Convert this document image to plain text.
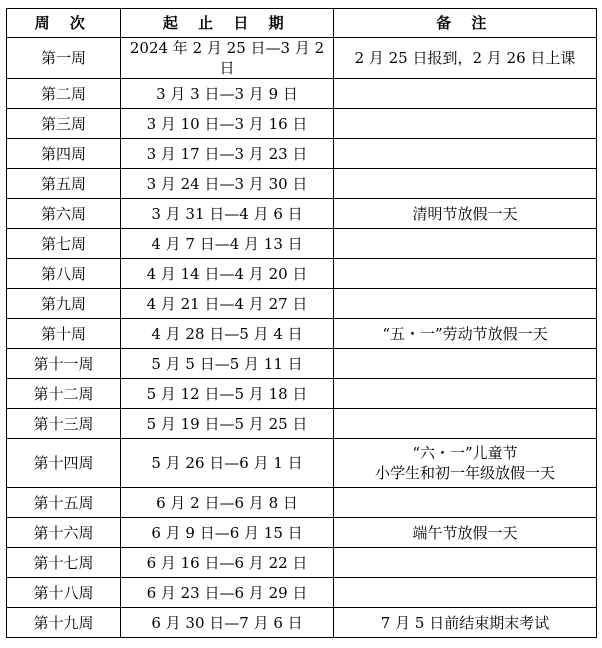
周 次	起 止 日 期	备 注
第一周	2024 年 2 月 25 日—3 月 2 日	2 月 25 日报到，2 月 26 日上课

第二周	3 月 3 日—3 月 9 日	
第三周	3 月 10 日—3 月 16 日	
第四周	3 月 17 日—3 月 23 日	
第五周	3 月 24 日—3 月 30 日	
第六周	3 月 31 日—4 月 6 日	清明节放假一天

第七周	4 月 7 日—4 月 13 日	
第八周	4 月 14 日—4 月 20 日	
第九周	4 月 21 日—4 月 27 日	
第十周	4 月 28 日—5 月 4 日	“五・一”劳动节放假一天

第十一周	5 月 5 日—5 月 11 日	
第十二周	5 月 12 日—5 月 18 日	
第十三周	5 月 19 日—5 月 25 日	
第十四周	5 月 26 日—6 月 1 日	“六・一”儿童节
小学生和初一年级放假一天

第十五周	6 月 2 日—6 月 8 日	
第十六周	6 月 9 日—6 月 15 日	端午节放假一天

第十七周	6 月 16 日—6 月 22 日	
第十八周	6 月 23 日—6 月 29 日	
第十九周	6 月 30 日—7 月 6 日	7 月 5 日前结束期末考试
